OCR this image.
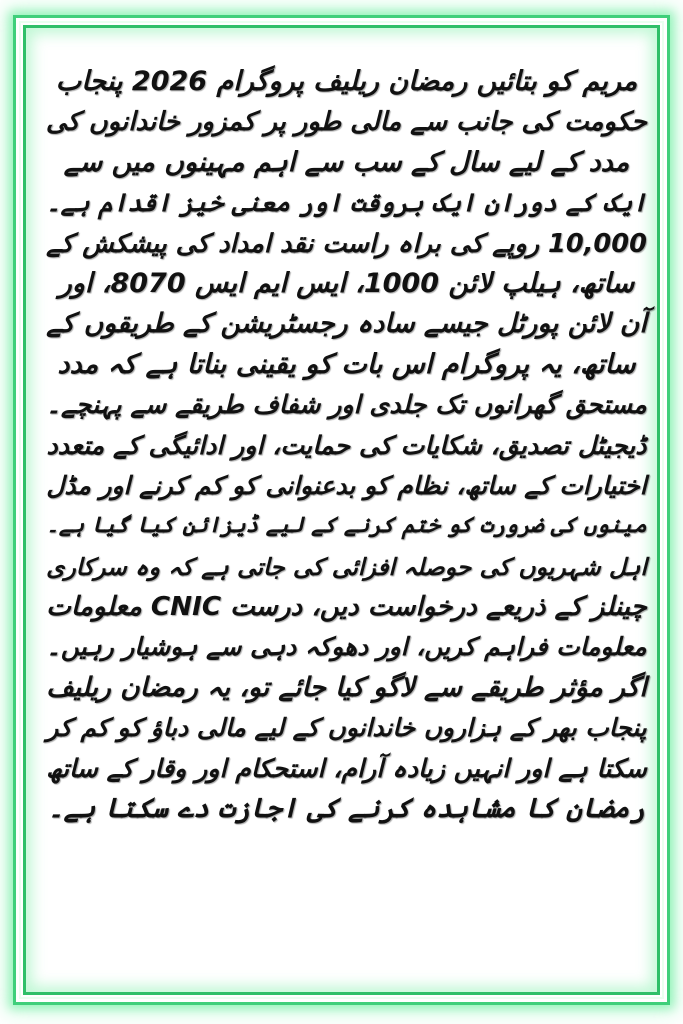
مریم کو بتائیں رمضان ریلیف پروگرام 2026 پنجاب
حکومت کی جانب سے مالی طور پر کمزور خاندانوں کی
مدد کے لیے سال کے سب سے اہم مہینوں میں سے
ایک کے دوران ایک بروقت اور معنی خیز اقدام ہے۔
10,000 روپے کی براہ راست نقد امداد کی پیشکش کے
ساتھ، ہیلپ لائن 1000، ایس ایم ایس 8070، اور
آن لائن پورٹل جیسے سادہ رجسٹریشن کے طریقوں کے
ساتھ، یہ پروگرام اس بات کو یقینی بناتا ہے کہ مدد
مستحق گھرانوں تک جلدی اور شفاف طریقے سے پہنچے۔
ڈیجیٹل تصدیق، شکایات کی حمایت، اور ادائیگی کے متعدد
اختیارات کے ساتھ، نظام کو بدعنوانی کو کم کرنے اور مڈل
مینوں کی ضرورت کو ختم کرنے کے لیے ڈیزائن کیا گیا ہے۔
اہل شہریوں کی حوصلہ افزائی کی جاتی ہے کہ وہ سرکاری
چینلز کے ذریعے درخواست دیں، درست CNIC معلومات
معلومات فراہم کریں، اور دھوکہ دہی سے ہوشیار رہیں۔
اگر مؤثر طریقے سے لاگو کیا جائے تو، یہ رمضان ریلیف
پنجاب بھر کے ہزاروں خاندانوں کے لیے مالی دباؤ کو کم کر
سکتا ہے اور انہیں زیادہ آرام، استحکام اور وقار کے ساتھ
رمضان کا مشاہدہ کرنے کی اجازت دے سکتا ہے۔
